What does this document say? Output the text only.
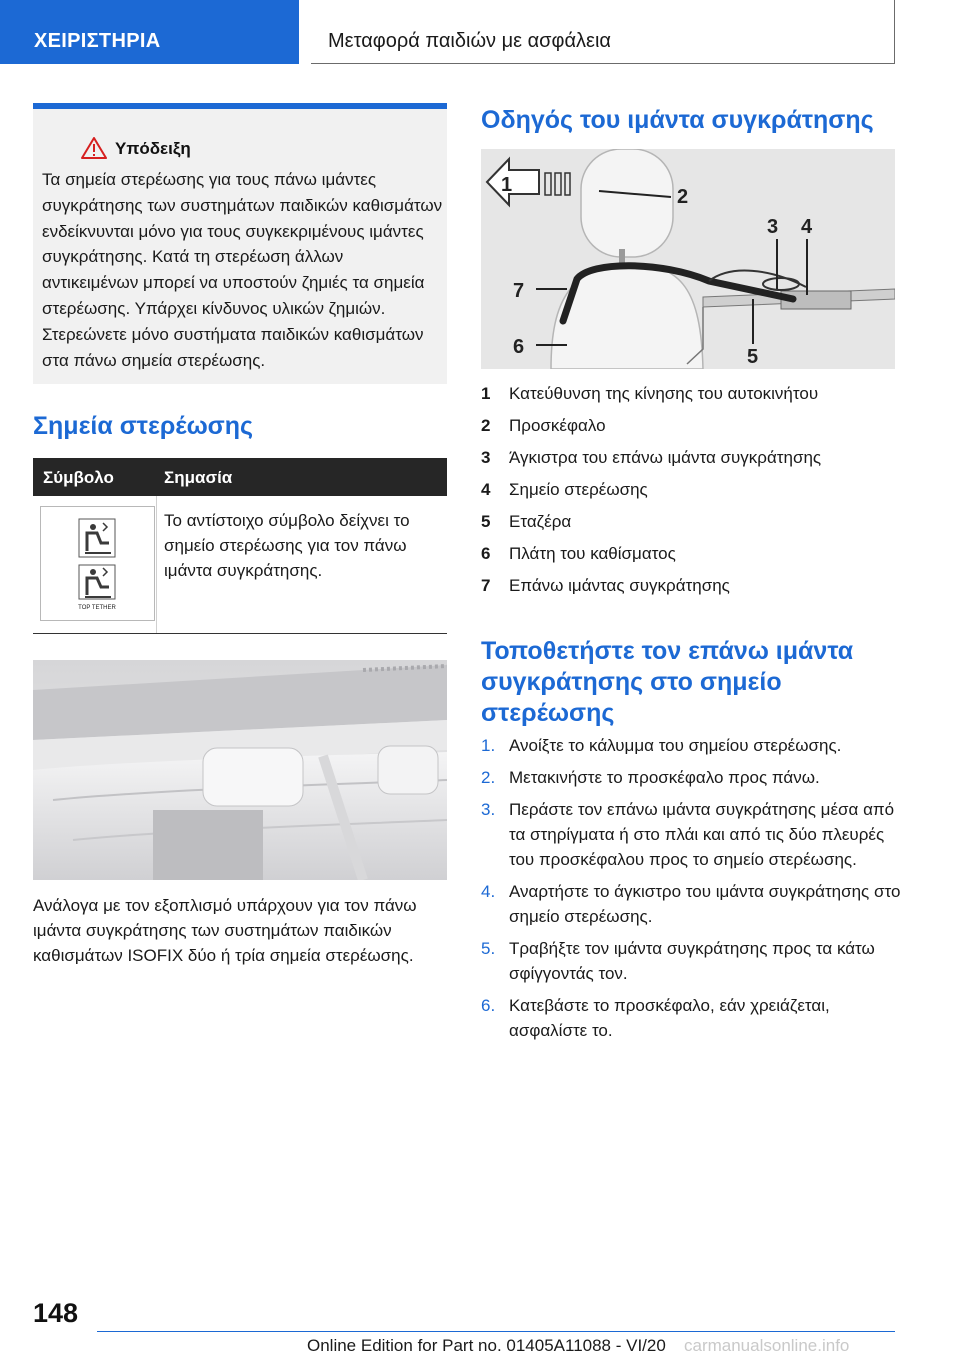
ΧΕΙΡΙΣΤΗΡΙΑ	Μεταφορά παιδιών με ασφάλεια
Υπόδειξη
Τα σημεία στερέωσης για τους πάνω ιμάντες συγκράτησης των συστημάτων παιδικών καθισμάτων ενδείκνυνται μόνο για τους συγκεκριμένους ιμάντες συγκράτησης. Κατά τη στερέωση άλλων αντικειμένων μπορεί να υποστούν ζημιές τα σημεία στερέωσης. Υπάρχει κίνδυνος υλικών ζημιών. Στερεώνετε μόνο συστήματα παιδικών καθισμάτων στα πάνω σημεία στερέωσης.
Σημεία στερέωσης
Σύμβολο	Σημασία
TOP TETHER
Το αντίστοιχο σύμβολο δείχνει το σημείο στερέωσης για τον πάνω ιμάντα συγκράτησης.
Ανάλογα με τον εξοπλισμό υπάρχουν για τον πάνω ιμάντα συγκράτησης των συστημάτων παιδικών καθισμάτων ISOFIX δύο ή τρία σημεία στερέωσης.
Οδηγός του ιμάντα συγκράτησης
1
2
3 4
5
6
7
1 Κατεύθυνση της κίνησης του αυτοκινήτου
2 Προσκέφαλο
3 Άγκιστρα του επάνω ιμάντα συγκράτησης
4 Σημείο στερέωσης
5 Εταζέρα
6 Πλάτη του καθίσματος
7 Επάνω ιμάντας συγκράτησης
Τοποθετήστε τον επάνω ιμάντα συγκράτησης στο σημείο στερέωσης
1. Ανοίξτε το κάλυμμα του σημείου στερέωσης.
2. Μετακινήστε το προσκέφαλο προς πάνω.
3. Περάστε τον επάνω ιμάντα συγκράτησης μέσα από τα στηρίγματα ή στο πλάι και από τις δύο πλευρές του προσκέφαλου προς το σημείο στερέωσης.
4. Αναρτήστε το άγκιστρο του ιμάντα συγκράτησης στο σημείο στερέωσης.
5. Τραβήξτε τον ιμάντα συγκράτησης προς τα κάτω σφίγγοντάς τον.
6. Κατεβάστε το προσκέφαλο, εάν χρειάζεται, ασφαλίστε το.
148
Online Edition for Part no. 01405A11088 - VI/20 carmanualsonline.info
